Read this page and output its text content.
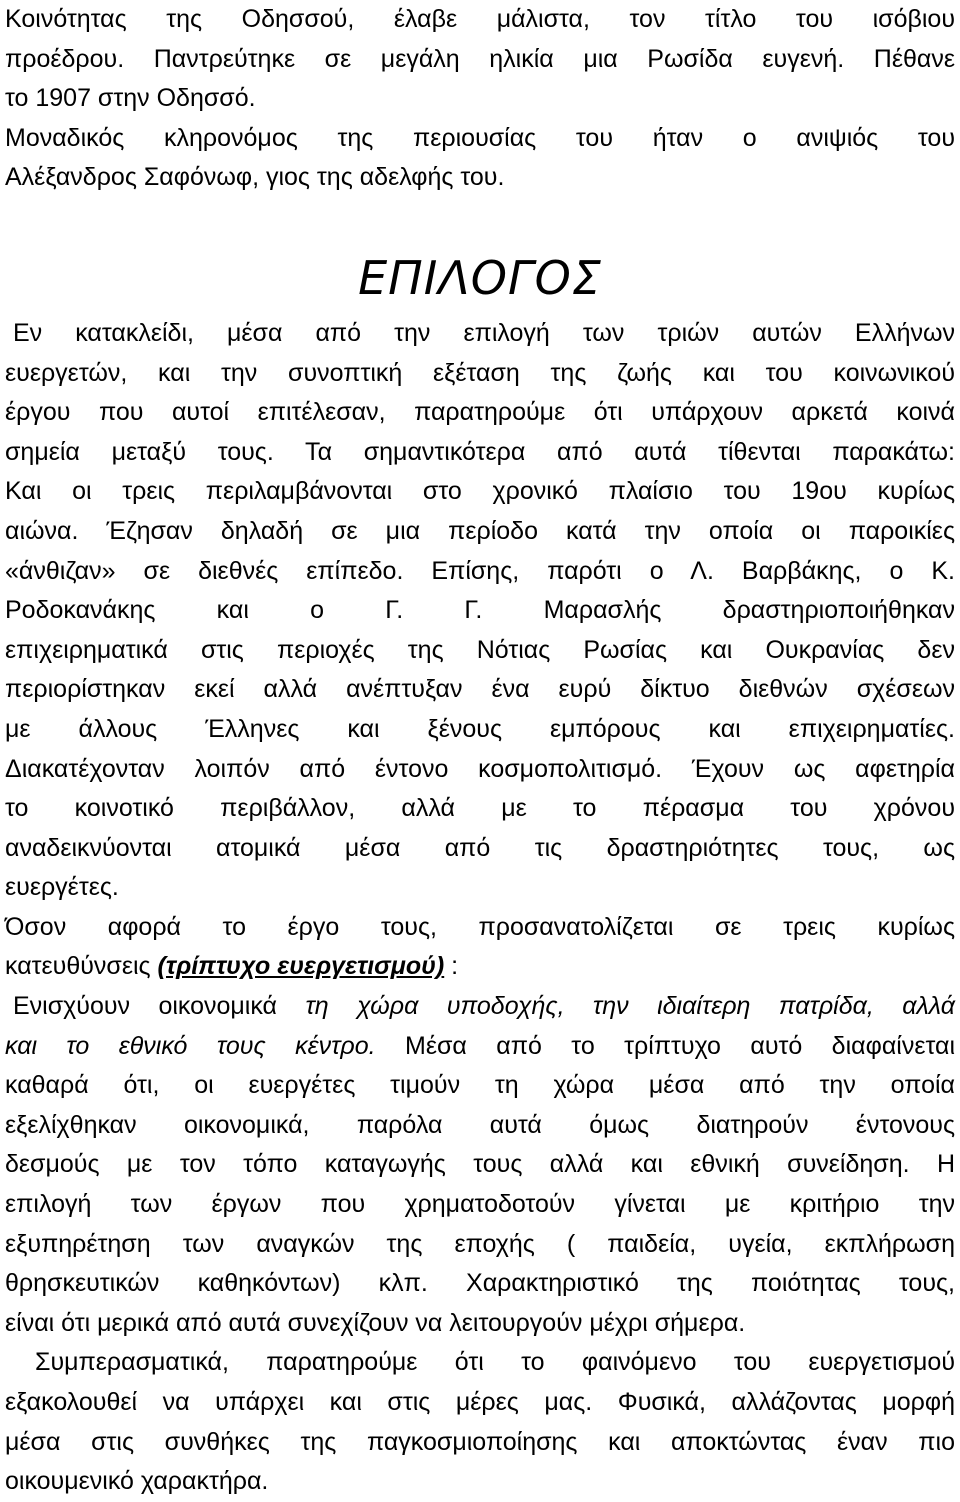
Κοινότητας της Οδησσού, έλαβε μάλιστα, τον τίτλο του ισόβιου
προέδρου. Παντρεύτηκε σε μεγάλη ηλικία μια Ρωσίδα ευγενή. Πέθανε
το 1907 στην Οδησσό.
Μοναδικός κληρονόμος της περιουσίας του ήταν ο ανιψιός του
Αλέξανδρος Σαφόνωφ, γιος της αδελφής του.
ΕΠΙΛΟΓΟΣ
Εν κατακλείδι, μέσα από την επιλογή των τριών αυτών Ελλήνων
ευεργετών, και την συνοπτική εξέταση της ζωής και του κοινωνικού
έργου που αυτοί επιτέλεσαν, παρατηρούμε ότι υπάρχουν αρκετά κοινά
σημεία μεταξύ τους. Τα σημαντικότερα από αυτά τίθενται παρακάτω:
Και οι τρεις περιλαμβάνονται στο χρονικό πλαίσιο του 19ου κυρίως
αιώνα. Έζησαν δηλαδή σε μια περίοδο κατά την οποία οι παροικίες
«άνθιζαν» σε διεθνές επίπεδο. Επίσης, παρότι ο Λ. Βαρβάκης, ο Κ.
Ροδοκανάκης και ο Γ. Γ. Μαρασλής δραστηριοποιήθηκαν
επιχειρηματικά στις περιοχές της Νότιας Ρωσίας και Ουκρανίας δεν
περιορίστηκαν εκεί αλλά ανέπτυξαν ένα ευρύ δίκτυο διεθνών σχέσεων
με άλλους Έλληνες και ξένους εμπόρους και επιχειρηματίες.
Διακατέχονταν λοιπόν από έντονο κοσμοπολιτισμό. Έχουν ως αφετηρία
το κοινοτικό περιβάλλον, αλλά με το πέρασμα του χρόνου
αναδεικνύονται ατομικά μέσα από τις δραστηριότητες τους, ως
ευεργέτες.
Όσον αφορά το έργο τους, προσανατολίζεται σε τρεις κυρίως
κατευθύνσεις (τρίπτυχο ευεργετισμού) :
Ενισχύουν οικονομικά τη χώρα υποδοχής, την ιδιαίτερη πατρίδα, αλλά
και το εθνικό τους κέντρο. Μέσα από το τρίπτυχο αυτό διαφαίνεται
καθαρά ότι, οι ευεργέτες τιμούν τη χώρα μέσα από την οποία
εξελίχθηκαν οικονομικά, παρόλα αυτά όμως διατηρούν έντονους
δεσμούς με τον τόπο καταγωγής τους αλλά και εθνική συνείδηση. Η
επιλογή των έργων που χρηματοδοτούν γίνεται με κριτήριο την
εξυπηρέτηση των αναγκών της εποχής ( παιδεία, υγεία, εκπλήρωση
θρησκευτικών καθηκόντων) κλπ. Χαρακτηριστικό της ποιότητας τους,
είναι ότι μερικά από αυτά συνεχίζουν να λειτουργούν μέχρι σήμερα.
Συμπερασματικά, παρατηρούμε ότι το φαινόμενο του ευεργετισμού
εξακολουθεί να υπάρχει και στις μέρες μας. Φυσικά, αλλάζοντας μορφή
μέσα στις συνθήκες της παγκοσμιοποίησης και αποκτώντας έναν πιο
οικουμενικό χαρακτήρα.
